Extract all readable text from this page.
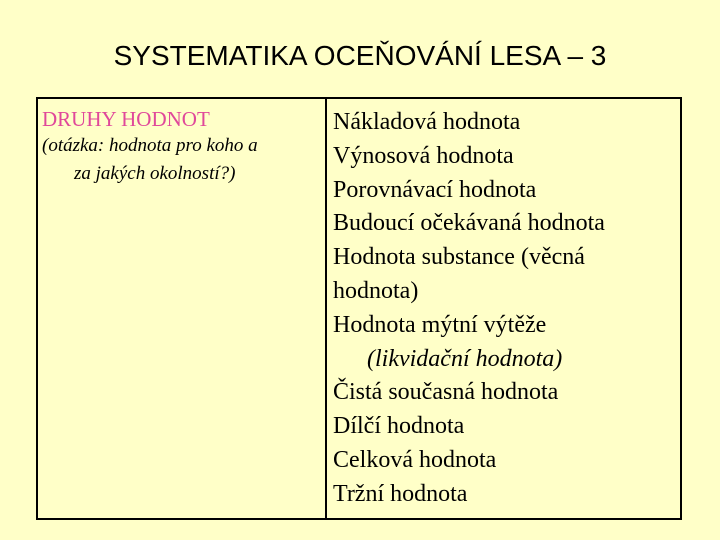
SYSTEMATIKA OCEŇOVÁNÍ LESA – 3
DRUHY HODNOT
(otázka: hodnota pro koho a
za jakých okolností?)
Nákladová hodnota
Výnosová hodnota
Porovnávací hodnota
Budoucí očekávaná hodnota
Hodnota substance (věcná
hodnota)
Hodnota mýtní výtěže
(likvidační hodnota)
Čistá současná hodnota
Dílčí hodnota
Celková hodnota
Tržní hodnota
